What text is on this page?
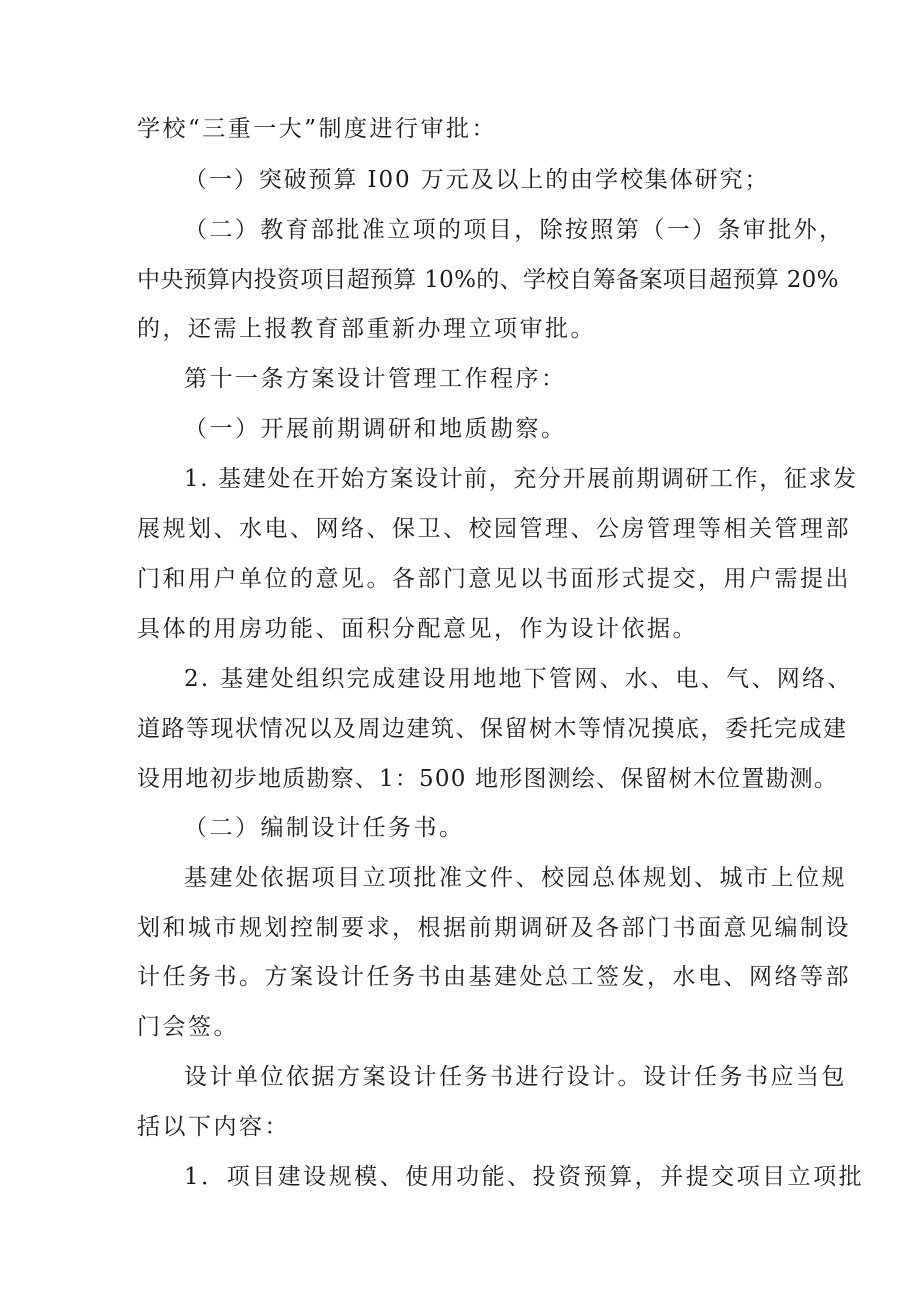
学校“三重一大”制度进行审批：
（一）突破预算 I00 万元及以上的由学校集体研究；
（二）教育部批准立项的项目，除按照第（一）条审批外，
中央预算内投资项目超预算 10%的、学校自筹备案项目超预算 20%
的，还需上报教育部重新办理立项审批。
第十一条方案设计管理工作程序：
（一）开展前期调研和地质勘察。
1. 基建处在开始方案设计前，充分开展前期调研工作，征求发
展规划、水电、网络、保卫、校园管理、公房管理等相关管理部
门和用户单位的意见。各部门意见以书面形式提交，用户需提出
具体的用房功能、面积分配意见，作为设计依据。
2. 基建处组织完成建设用地地下管网、水、电、气、网络、
道路等现状情况以及周边建筑、保留树木等情况摸底，委托完成建
设用地初步地质勘察、1：500 地形图测绘、保留树木位置勘测。
（二）编制设计任务书。
基建处依据项目立项批准文件、校园总体规划、城市上位规
划和城市规划控制要求，根据前期调研及各部门书面意见编制设
计任务书。方案设计任务书由基建处总工签发，水电、网络等部
门会签。
设计单位依据方案设计任务书进行设计。设计任务书应当包
括以下内容：
1．项目建设规模、使用功能、投资预算，并提交项目立项批
